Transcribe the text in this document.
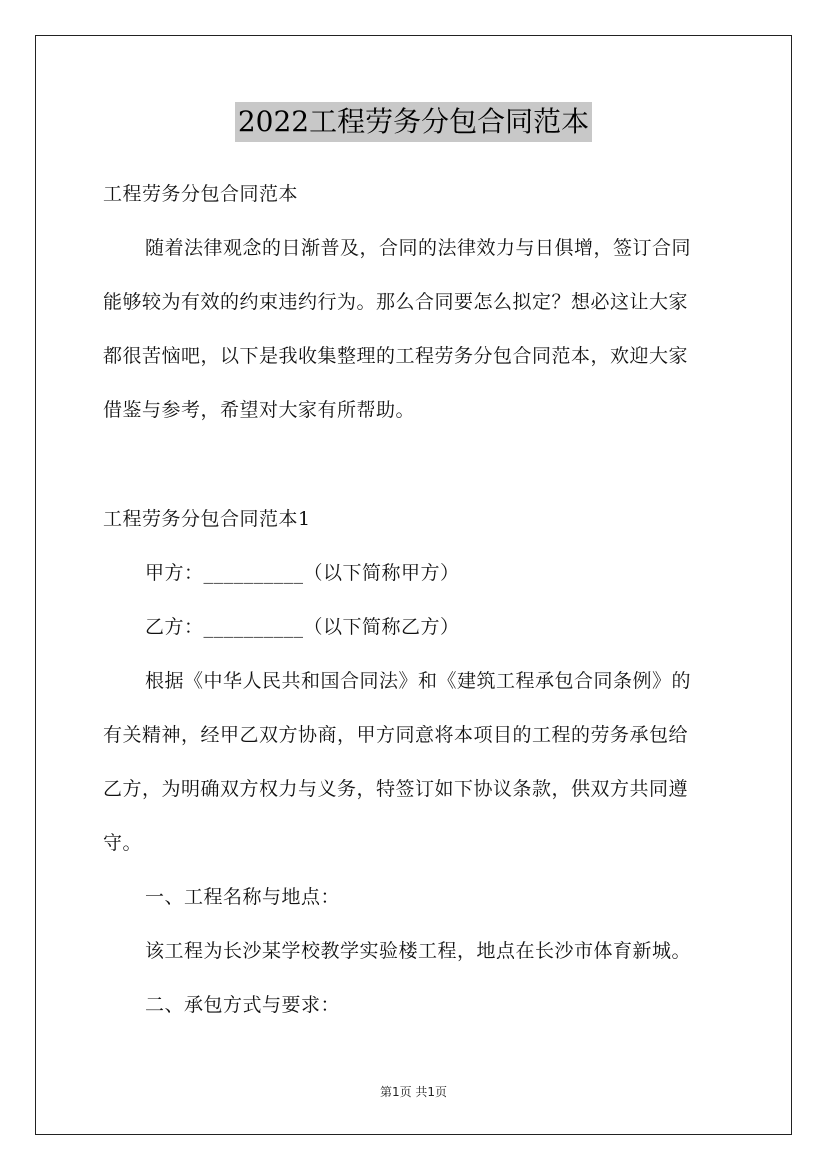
2022工程劳务分包合同范本
工程劳务分包合同范本
随着法律观念的日渐普及，合同的法律效力与日俱增，签订合同
能够较为有效的约束违约行为。那么合同要怎么拟定？想必这让大家
都很苦恼吧，以下是我收集整理的工程劳务分包合同范本，欢迎大家
借鉴与参考，希望对大家有所帮助。
工程劳务分包合同范本1
甲方：__________（以下简称甲方）
乙方：__________（以下简称乙方）
根据《中华人民共和国合同法》和《建筑工程承包合同条例》的
有关精神，经甲乙双方协商，甲方同意将本项目的工程的劳务承包给
乙方，为明确双方权力与义务，特签订如下协议条款，供双方共同遵
守。
一、工程名称与地点：
该工程为长沙某学校教学实验楼工程，地点在长沙市体育新城。
二、承包方式与要求：
第1页 共1页
